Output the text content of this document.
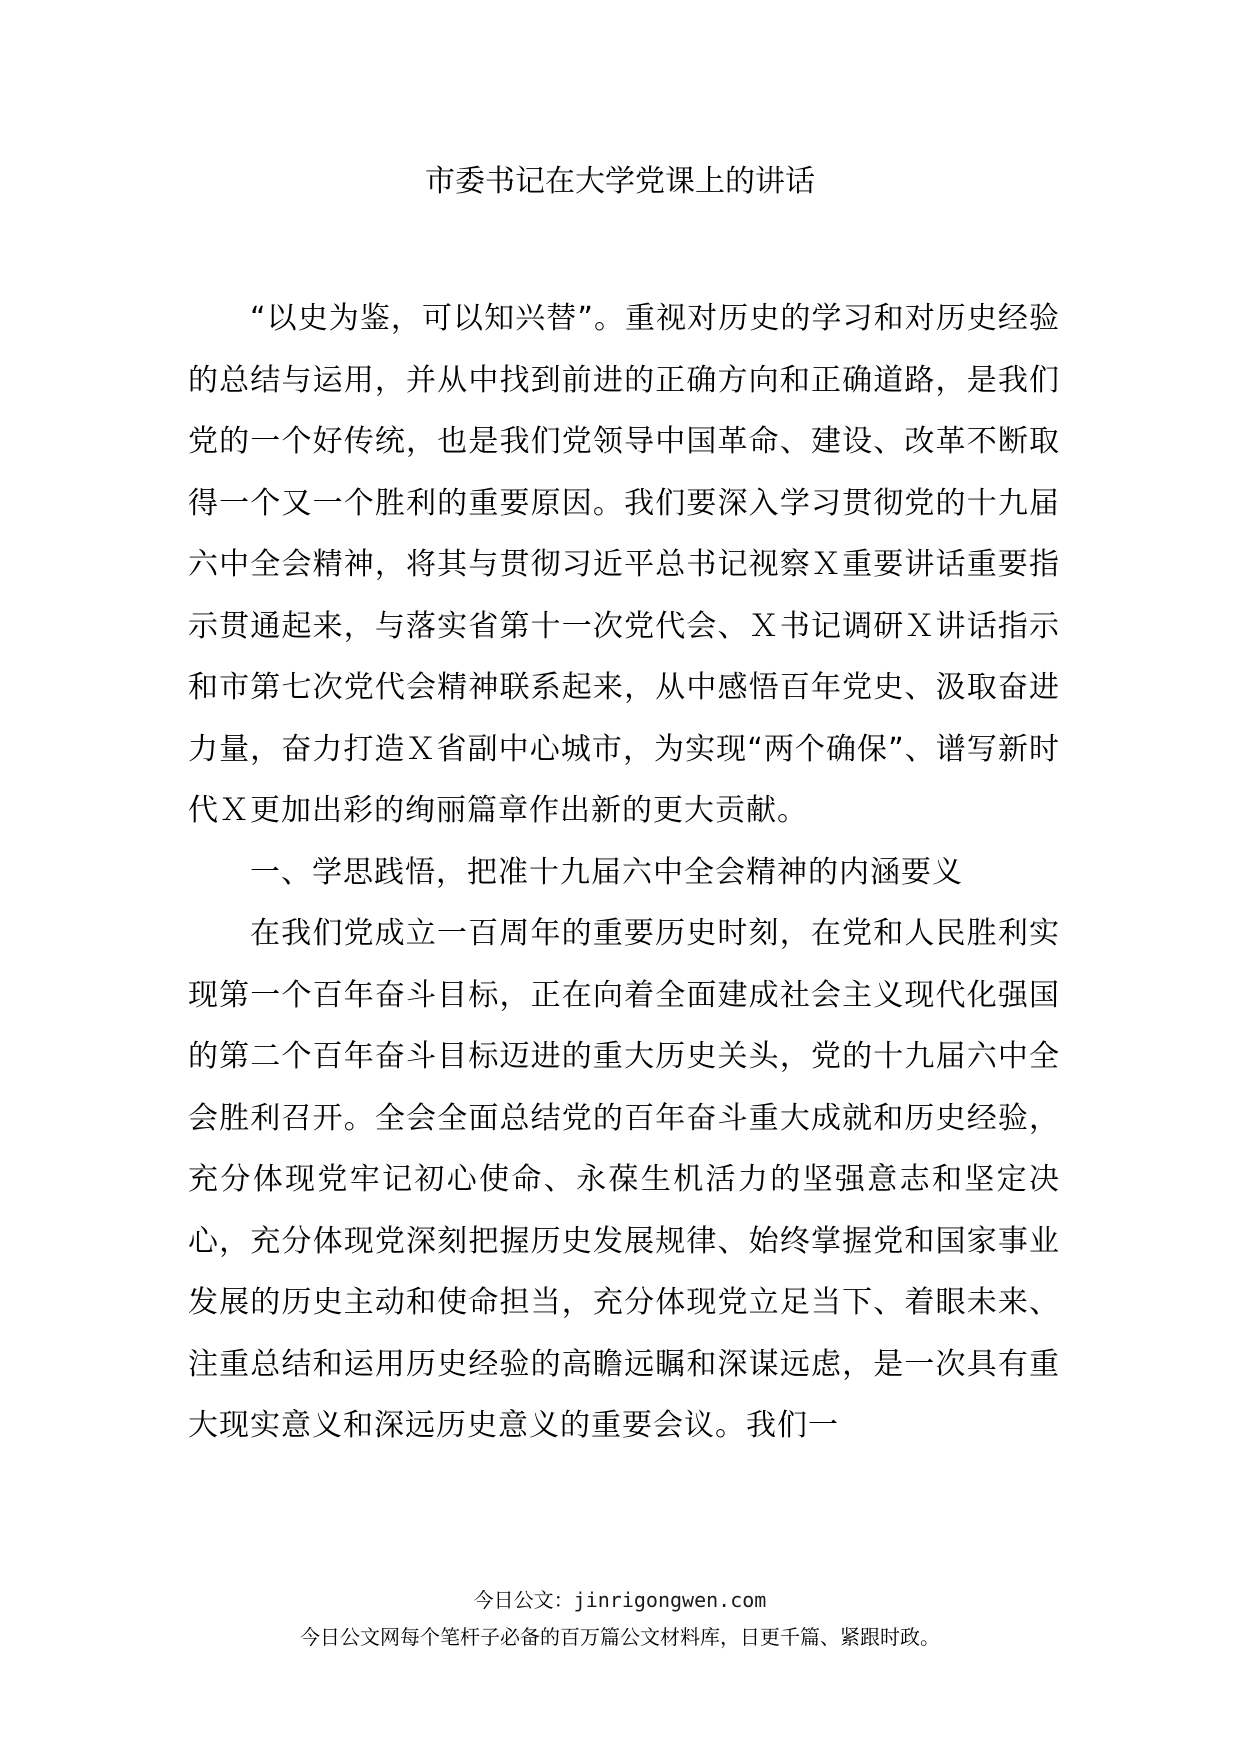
市委书记在大学党课上的讲话

“以史为鉴，可以知兴替”。重视对历史的学习和对历史经验的总结与运用，并从中找到前进的正确方向和正确道路，是我们党的一个好传统，也是我们党领导中国革命、建设、改革不断取得一个又一个胜利的重要原因。我们要深入学习贯彻党的十九届六中全会精神，将其与贯彻习近平总书记视察Ｘ重要讲话重要指示贯通起来，与落实省第十一次党代会、Ｘ书记调研Ｘ讲话指示和市第七次党代会精神联系起来，从中感悟百年党史、汲取奋进力量，奋力打造Ｘ省副中心城市，为实现“两个确保”、谱写新时代Ｘ更加出彩的绚丽篇章作出新的更大贡献。

一、学思践悟，把准十九届六中全会精神的内涵要义

在我们党成立一百周年的重要历史时刻，在党和人民胜利实现第一个百年奋斗目标，正在向着全面建成社会主义现代化强国的第二个百年奋斗目标迈进的重大历史关头，党的十九届六中全会胜利召开。全会全面总结党的百年奋斗重大成就和历史经验，充分体现党牢记初心使命、永葆生机活力的坚强意志和坚定决心，充分体现党深刻把握历史发展规律、始终掌握党和国家事业发展的历史主动和使命担当，充分体现党立足当下、着眼未来、注重总结和运用历史经验的高瞻远瞩和深谋远虑，是一次具有重大现实意义和深远历史意义的重要会议。我们一

今日公文：jinrigongwen.com
今日公文网每个笔杆子必备的百万篇公文材料库，日更千篇、紧跟时政。
